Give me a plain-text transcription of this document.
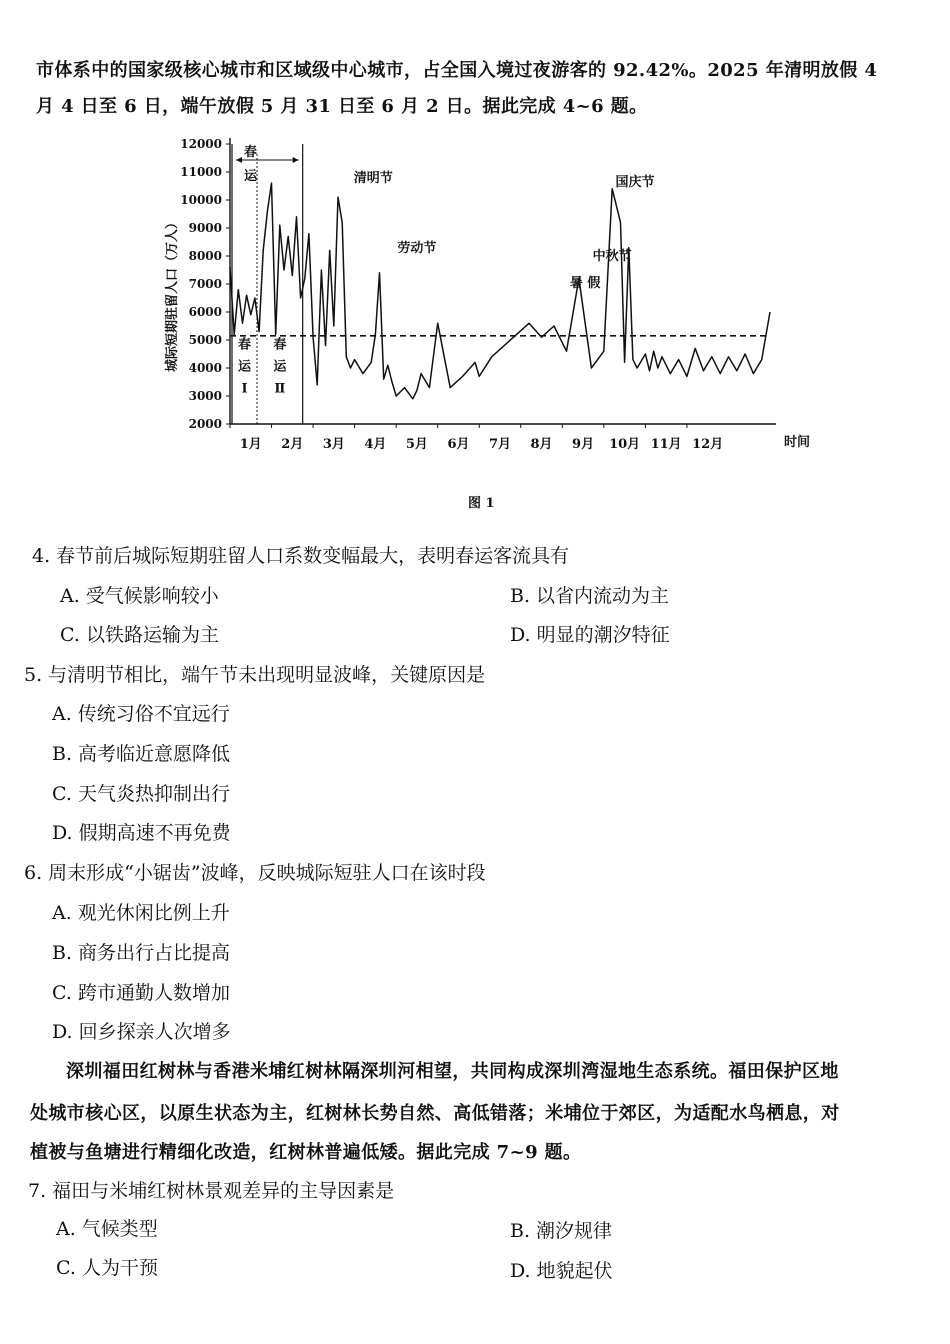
市体系中的国家级核心城市和区域级中心城市，占全国入境过夜游客的 92.42%。2025 年清明放假 4
月 4 日至 6 日，端午放假 5 月 31 日至 6 月 2 日。据此完成 4~6 题。
2000
3000
4000
5000
6000
7000
8000
9000
10000
11000
12000
城际短期驻留人口（万人）
1月 2月 3月 4月 5月 6月 7月 8月 9月 10月 11月 12月	时间
春
运
春
运
Ⅰ
春
运
Ⅱ
清明节
劳动节
暑 假
中秋节
国庆节
图 1
4. 春节前后城际短期驻留人口系数变幅最大，表明春运客流具有
A. 受气候影响较小	B. 以省内流动为主
C. 以铁路运输为主	D. 明显的潮汐特征
5. 与清明节相比，端午节未出现明显波峰，关键原因是
A. 传统习俗不宜远行
B. 高考临近意愿降低
C. 天气炎热抑制出行
D. 假期高速不再免费
6. 周末形成“小锯齿”波峰，反映城际短驻人口在该时段
A. 观光休闲比例上升
B. 商务出行占比提高
C. 跨市通勤人数增加
D. 回乡探亲人次增多
深圳福田红树林与香港米埔红树林隔深圳河相望，共同构成深圳湾湿地生态系统。福田保护区地
处城市核心区，以原生状态为主，红树林长势自然、高低错落；米埔位于郊区，为适配水鸟栖息，对
植被与鱼塘进行精细化改造，红树林普遍低矮。据此完成 7~9 题。
7. 福田与米埔红树林景观差异的主导因素是
A. 气候类型	B. 潮汐规律
C. 人为干预	D. 地貌起伏
